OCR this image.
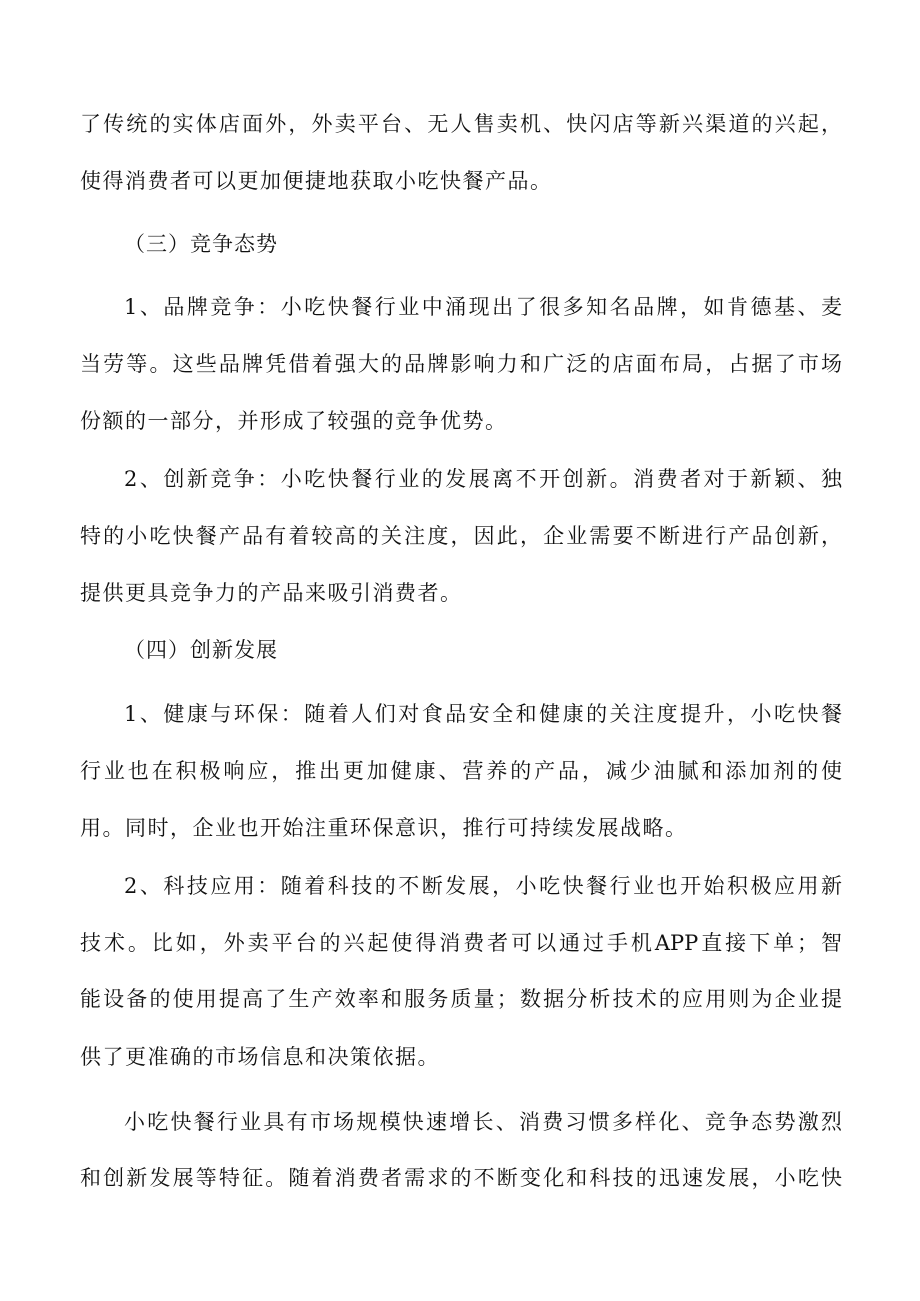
了传统的实体店面外，外卖平台、无人售卖机、快闪店等新兴渠道的兴起，
使得消费者可以更加便捷地获取小吃快餐产品。
（三）竞争态势
1、品牌竞争：小吃快餐行业中涌现出了很多知名品牌，如肯德基、麦
当劳等。这些品牌凭借着强大的品牌影响力和广泛的店面布局，占据了市场
份额的一部分，并形成了较强的竞争优势。
2、创新竞争：小吃快餐行业的发展离不开创新。消费者对于新颖、独
特的小吃快餐产品有着较高的关注度，因此，企业需要不断进行产品创新，
提供更具竞争力的产品来吸引消费者。
（四）创新发展
1、健康与环保：随着人们对食品安全和健康的关注度提升，小吃快餐
行业也在积极响应，推出更加健康、营养的产品，减少油腻和添加剂的使
用。同时，企业也开始注重环保意识，推行可持续发展战略。
2、科技应用：随着科技的不断发展，小吃快餐行业也开始积极应用新
技术。比如，外卖平台的兴起使得消费者可以通过手机APP直接下单；智
能设备的使用提高了生产效率和服务质量；数据分析技术的应用则为企业提
供了更准确的市场信息和决策依据。
小吃快餐行业具有市场规模快速增长、消费习惯多样化、竞争态势激烈
和创新发展等特征。随着消费者需求的不断变化和科技的迅速发展，小吃快
